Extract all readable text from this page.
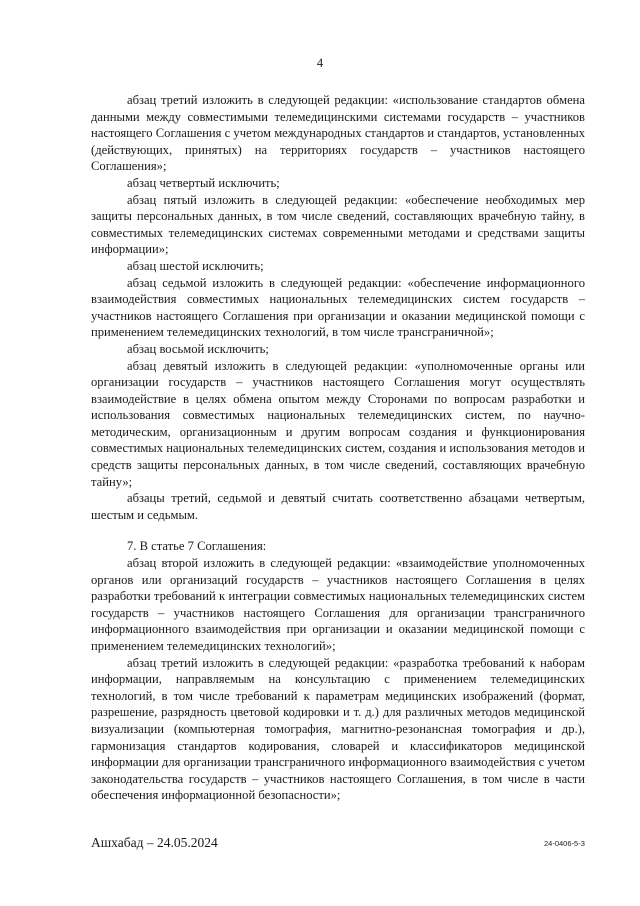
4

абзац третий изложить в следующей редакции: «использование стандартов обмена данными между совместимыми телемедицинскими системами государств – участников настоящего Соглашения с учетом международных стандартов и стандартов, установленных (действующих, принятых) на территориях государств – участников настоящего Соглашения»;

абзац четвертый исключить;

абзац пятый изложить в следующей редакции: «обеспечение необходимых мер защиты персональных данных, в том числе сведений, составляющих врачебную тайну, в совместимых телемедицинских системах современными методами и средствами защиты информации»;

абзац шестой исключить;

абзац седьмой изложить в следующей редакции: «обеспечение информационного взаимодействия совместимых национальных телемедицинских систем государств – участников настоящего Соглашения при организации и оказании медицинской помощи с применением телемедицинских технологий, в том числе трансграничной»;

абзац восьмой исключить;

абзац девятый изложить в следующей редакции: «уполномоченные органы или организации государств – участников настоящего Соглашения могут осуществлять взаимодействие в целях обмена опытом между Сторонами по вопросам разработки и использования совместимых национальных телемедицинских систем, по научно-методическим, организационным и другим вопросам создания и функционирования совместимых национальных телемедицинских систем, создания и использования методов и средств защиты персональных данных, в том числе сведений, составляющих врачебную тайну»;

абзацы третий, седьмой и девятый считать соответственно абзацами четвертым, шестым и седьмым.

7. В статье 7 Соглашения:

абзац второй изложить в следующей редакции: «взаимодействие уполномоченных органов или организаций государств – участников настоящего Соглашения в целях разработки требований к интеграции совместимых национальных телемедицинских систем государств – участников настоящего Соглашения для организации трансграничного информационного взаимодействия при организации и оказании медицинской помощи с применением телемедицинских технологий»;

абзац третий изложить в следующей редакции: «разработка требований к наборам информации, направляемым на консультацию с применением телемедицинских технологий, в том числе требований к параметрам медицинских изображений (формат, разрешение, разрядность цветовой кодировки и т. д.) для различных методов медицинской визуализации (компьютерная томография, магнитно-резонансная томография и др.), гармонизация стандартов кодирования, словарей и классификаторов медицинской информации для организации трансграничного информационного взаимодействия с учетом законодательства государств – участников настоящего Соглашения, в том числе в части обеспечения информационной безопасности»;

Ашхабад – 24.05.2024	24-0406-5-3
